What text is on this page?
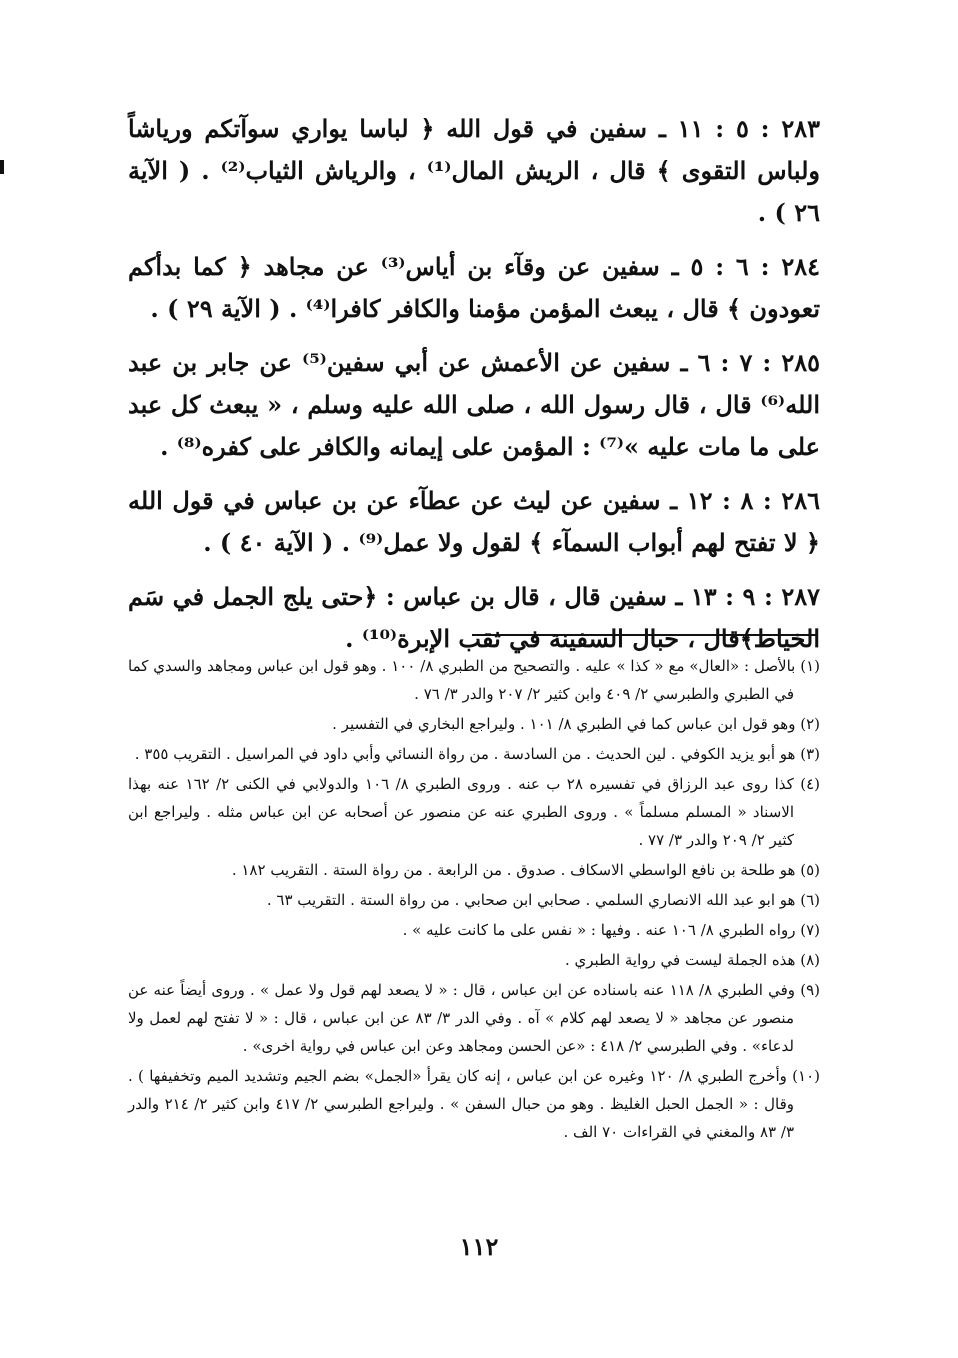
٢٨٣ : ٥ : ١١ ـ سفين في قول الله ﴿ لباسا يواري سوآتكم ورياشاً ولباس التقوى ﴾ قال ، الريش المال⁽¹⁾ ، والرياش الثياب⁽²⁾ . ( الآية ٢٦ ) .

٢٨٤ : ٦ : ٥ ـ سفين عن وقآء بن أياس⁽³⁾ عن مجاهد ﴿ كما بدأكم تعودون ﴾ قال ، يبعث المؤمن مؤمنا والكافر كافرا⁽⁴⁾ . ( الآية ٢٩ ) .

٢٨٥ : ٧ : ٦ ـ سفين عن الأعمش عن أبي سفين⁽⁵⁾ عن جابر بن عبد الله⁽⁶⁾ قال ، قال رسول الله ، صلى الله عليه وسلم ، « يبعث كل عبد على ما مات عليه »⁽⁷⁾ : المؤمن على إيمانه والكافر على كفره⁽⁸⁾ .

٢٨٦ : ٨ : ١٢ ـ سفين عن ليث عن عطآء عن بن عباس في قول الله ﴿ لا تفتح لهم أبواب السمآء ﴾ لقول ولا عمل⁽⁹⁾ . ( الآية ٤٠ ) .

٢٨٧ : ٩ : ١٣ ـ سفين قال ، قال بن عباس : ﴿حتى يلج الجمل في سَم الخياط﴾قال ، حبال السفينة في ثقب الإبرة⁽¹⁰⁾ .

(١) بالأصل : «العال» مع « كذا » عليه . والتصحيح من الطبري ٨/ ١٠٠ . وهو قول ابن عباس ومجاهد والسدي كما في الطبري والطبرسي ٢/ ٤٠٩ وابن كثير ٢/ ٢٠٧ والدر ٣/ ٧٦ .

(٢) وهو قول ابن عباس كما في الطبري ٨/ ١٠١ . وليراجع البخاري في التفسير .

(٣) هو أبو يزيد الكوفي . لين الحديث . من السادسة . من رواة النسائي وأبي داود في المراسيل . التقريب ٣٥٥ .

(٤) كذا روى عبد الرزاق في تفسيره ٢٨ ب عنه . وروى الطبري ٨/ ١٠٦ والدولابي في الكنى ٢/ ١٦٢ عنه بهذا الاسناد « المسلم مسلماً » . وروى الطبري عنه عن منصور عن أصحابه عن ابن عباس مثله . وليراجع ابن كثير ٢/ ٢٠٩ والدر ٣/ ٧٧ .

(٥) هو طلحة بن نافع الواسطي الاسكاف . صدوق . من الرابعة . من رواة الستة . التقريب ١٨٢ .

(٦) هو ابو عبد الله الانصاري السلمي . صحابي ابن صحابي . من رواة الستة . التقريب ٦٣ .

(٧) رواه الطبري ٨/ ١٠٦ عنه . وفيها : « نفس على ما كانت عليه » .

(٨) هذه الجملة ليست في رواية الطبري .

(٩) وفي الطبري ٨/ ١١٨ عنه باسناده عن ابن عباس ، قال : « لا يصعد لهم قول ولا عمل » . وروى أيضاً عنه عن منصور عن مجاهد « لا يصعد لهم كلام » آه . وفي الدر ٣/ ٨٣ عن ابن عباس ، قال : « لا تفتح لهم لعمل ولا لدعاء» . وفي الطبرسي ٢/ ٤١٨ : «عن الحسن ومجاهد وعن ابن عباس في رواية اخرى» .

(١٠) وأخرج الطبري ٨/ ١٢٠ وغيره عن ابن عباس ، إنه كان يقرأ «الجمل» بضم الجيم وتشديد الميم وتخفيفها ) . وقال : « الجمل الحبل الغليظ . وهو من حبال السفن » . وليراجع الطبرسي ٢/ ٤١٧ وابن كثير ٢/ ٢١٤ والدر ٣/ ٨٣ والمغني في القراءات ٧٠ الف .

١١٢
